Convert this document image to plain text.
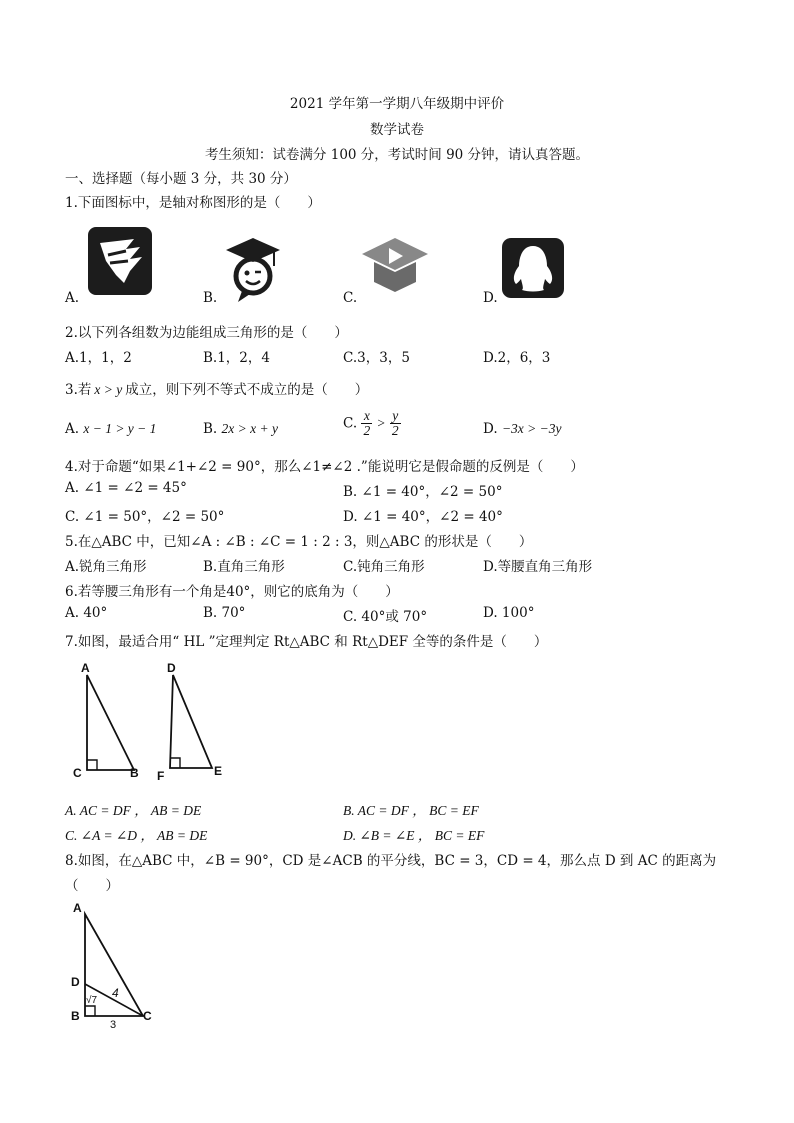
2021 学年第一学期八年级期中评价
数学试卷
考生须知：试卷满分 100 分，考试时间 90 分钟，请认真答题。
一、选择题（每小题 3 分，共 30 分）
1.下面图标中，是轴对称图形的是（　　）
A.	B.	C.	D.
2.以下列各组数为边能组成三角形的是（　　）
A.1，1，2	B.1，2，4	C.3，3，5	D.2，6，3
3.若 x > y 成立，则下列不等式不成立的是（　　）
A. x − 1 > y − 1	B. 2x > x + y	C. $\frac{x}{2} > \frac{y}{2}$	D. −3x > −3y
4.对于命题“如果∠1+∠2 = 90°，那么∠1≠∠2 .”能说明它是假命题的反例是（　　）
A. ∠1 = ∠2 = 45°	B. ∠1 = 40°，∠2 = 50°
C. ∠1 = 50°，∠2 = 50°	D. ∠1 = 40°，∠2 = 40°
5.在△ABC 中，已知∠A : ∠B : ∠C = 1 : 2 : 3，则△ABC 的形状是（　　）
A.锐角三角形	B.直角三角形	C.钝角三角形	D.等腰直角三角形
6.若等腰三角形有一个角是40°，则它的底角为（　　）
A. 40°	B. 70°	C. 40°或 70°	D. 100°
7.如图，最适合用“ HL ”定理判定 Rt△ABC 和 Rt△DEF 全等的条件是（　　）
A
C	B
D
F	E
A. AC = DF ， AB = DE	B. AC = DF ， BC = EF
C. ∠A = ∠D ， AB = DE	D. ∠B = ∠E ， BC = EF
8.如图，在△ABC 中，∠B = 90°，CD 是∠ACB 的平分线，BC = 3，CD = 4，那么点 D 到 AC 的距离为
（　　）
A
D
B	C
4
√7
3
